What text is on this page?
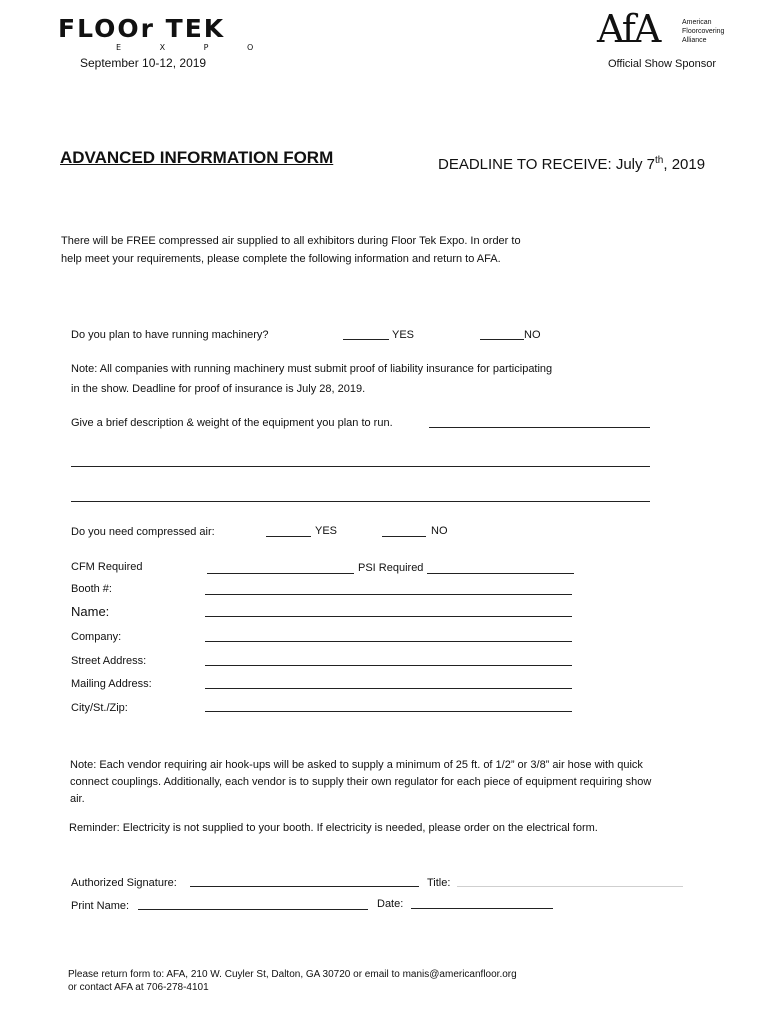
FLOOr TEK
E X P O
September 10-12, 2019
AfA	American
Floorcovering
Alliance
Official Show Sponsor
ADVANCED INFORMATION FORM	DEADLINE TO RECEIVE: July 7th, 2019
There will be FREE compressed air supplied to all exhibitors during Floor Tek Expo. In order to
help meet your requirements, please complete the following information and return to AFA.
Do you plan to have running machinery?	YES	NO
Note: All companies with running machinery must submit proof of liability insurance for participating
in the show. Deadline for proof of insurance is July 28, 2019.
Give a brief description & weight of the equipment you plan to run.
Do you need compressed air:	YES	NO
CFM Required	PSI Required
Booth #:
Name:
Company:
Street Address:
Mailing Address:
City/St./Zip:
Note: Each vendor requiring air hook-ups will be asked to supply a minimum of 25 ft. of 1/2” or 3/8” air hose with quick
connect couplings. Additionally, each vendor is to supply their own regulator for each piece of equipment requiring show
air.
Reminder: Electricity is not supplied to your booth. If electricity is needed, please order on the electrical form.
Authorized Signature:	Title:
Print Name:	Date:
Please return form to: AFA, 210 W. Cuyler St, Dalton, GA 30720 or email to manis@americanfloor.org
or contact AFA at 706-278-4101
